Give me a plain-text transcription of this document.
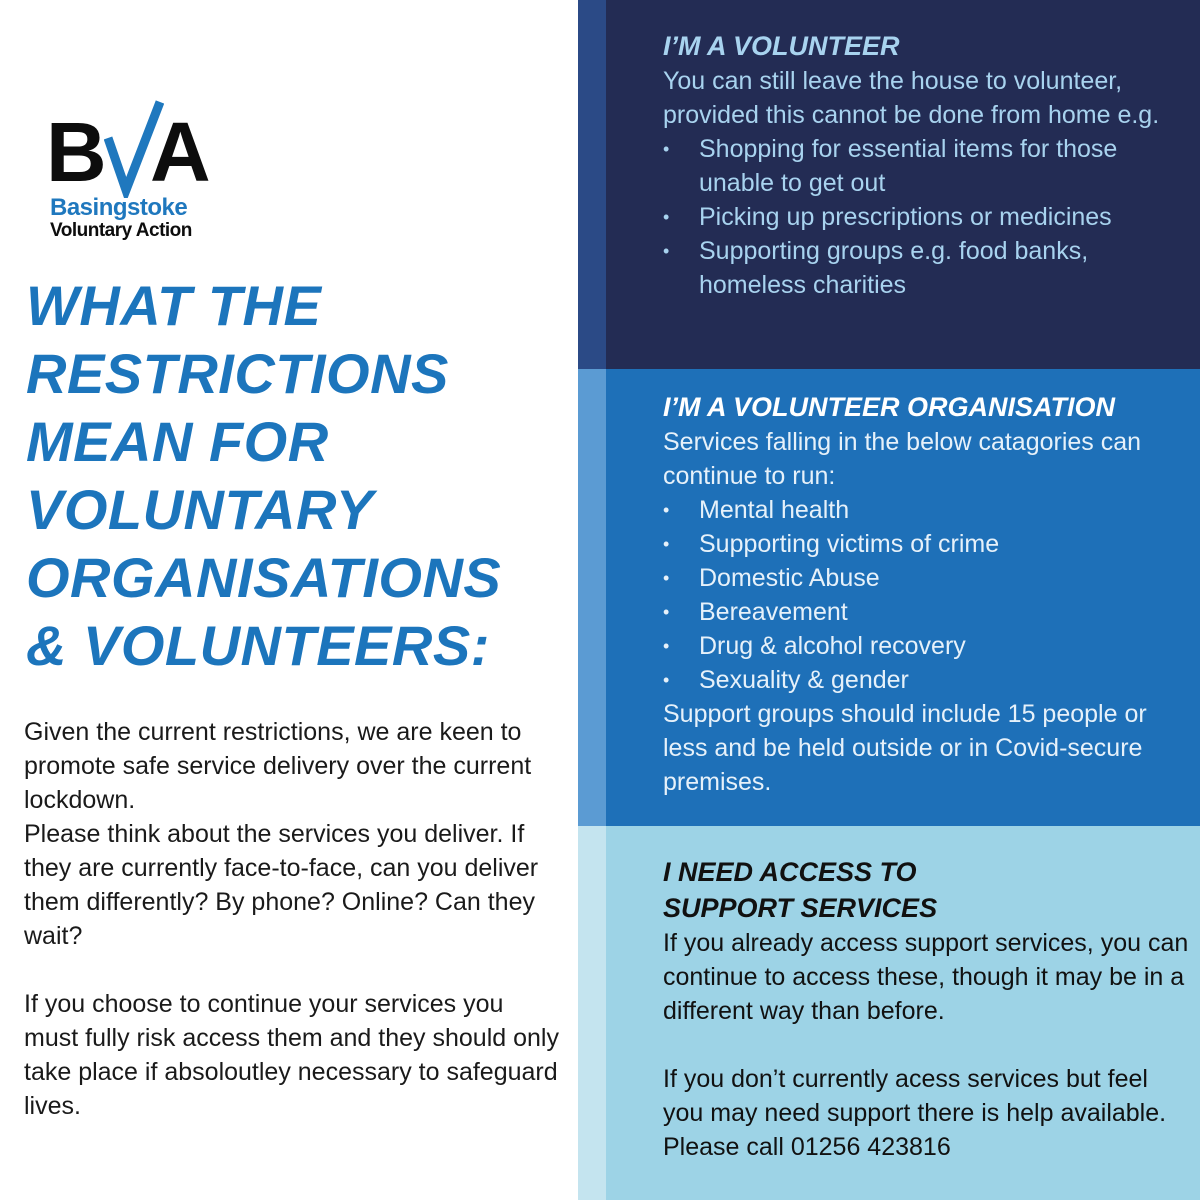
B A
Basingstoke
Voluntary Action
WHAT THE
RESTRICTIONS
MEAN FOR
VOLUNTARY
ORGANISATIONS
& VOLUNTEERS:

Given the current restrictions, we are keen to promote safe service delivery over the current lockdown.

Please think about the services you deliver. If they are currently face-to-face, can you deliver them differently? By phone? Online? Can they wait?

If you choose to continue your services you must fully risk access them and they should only take place if absoloutley necessary to safeguard lives.

I’M A VOLUNTEER

You can still leave the house to volunteer, provided this cannot be done from home e.g.

• Shopping for essential items for those unable to get out
• Picking up prescriptions or medicines
• Supporting groups e.g. food banks, homeless charities
I’M A VOLUNTEER ORGANISATION

Services falling in the below catagories can continue to run:

• Mental health
• Supporting victims of crime
• Domestic Abuse
• Bereavement
• Drug & alcohol recovery
• Sexuality & gender

Support groups should include 15 people or less and be held outside or in Covid-secure premises.

I NEED ACCESS TO
SUPPORT SERVICES

If you already access support services, you can continue to access these, though it may be in a different way than before.

If you don’t currently acess services but feel you may need support there is help available. Please call 01256 423816
